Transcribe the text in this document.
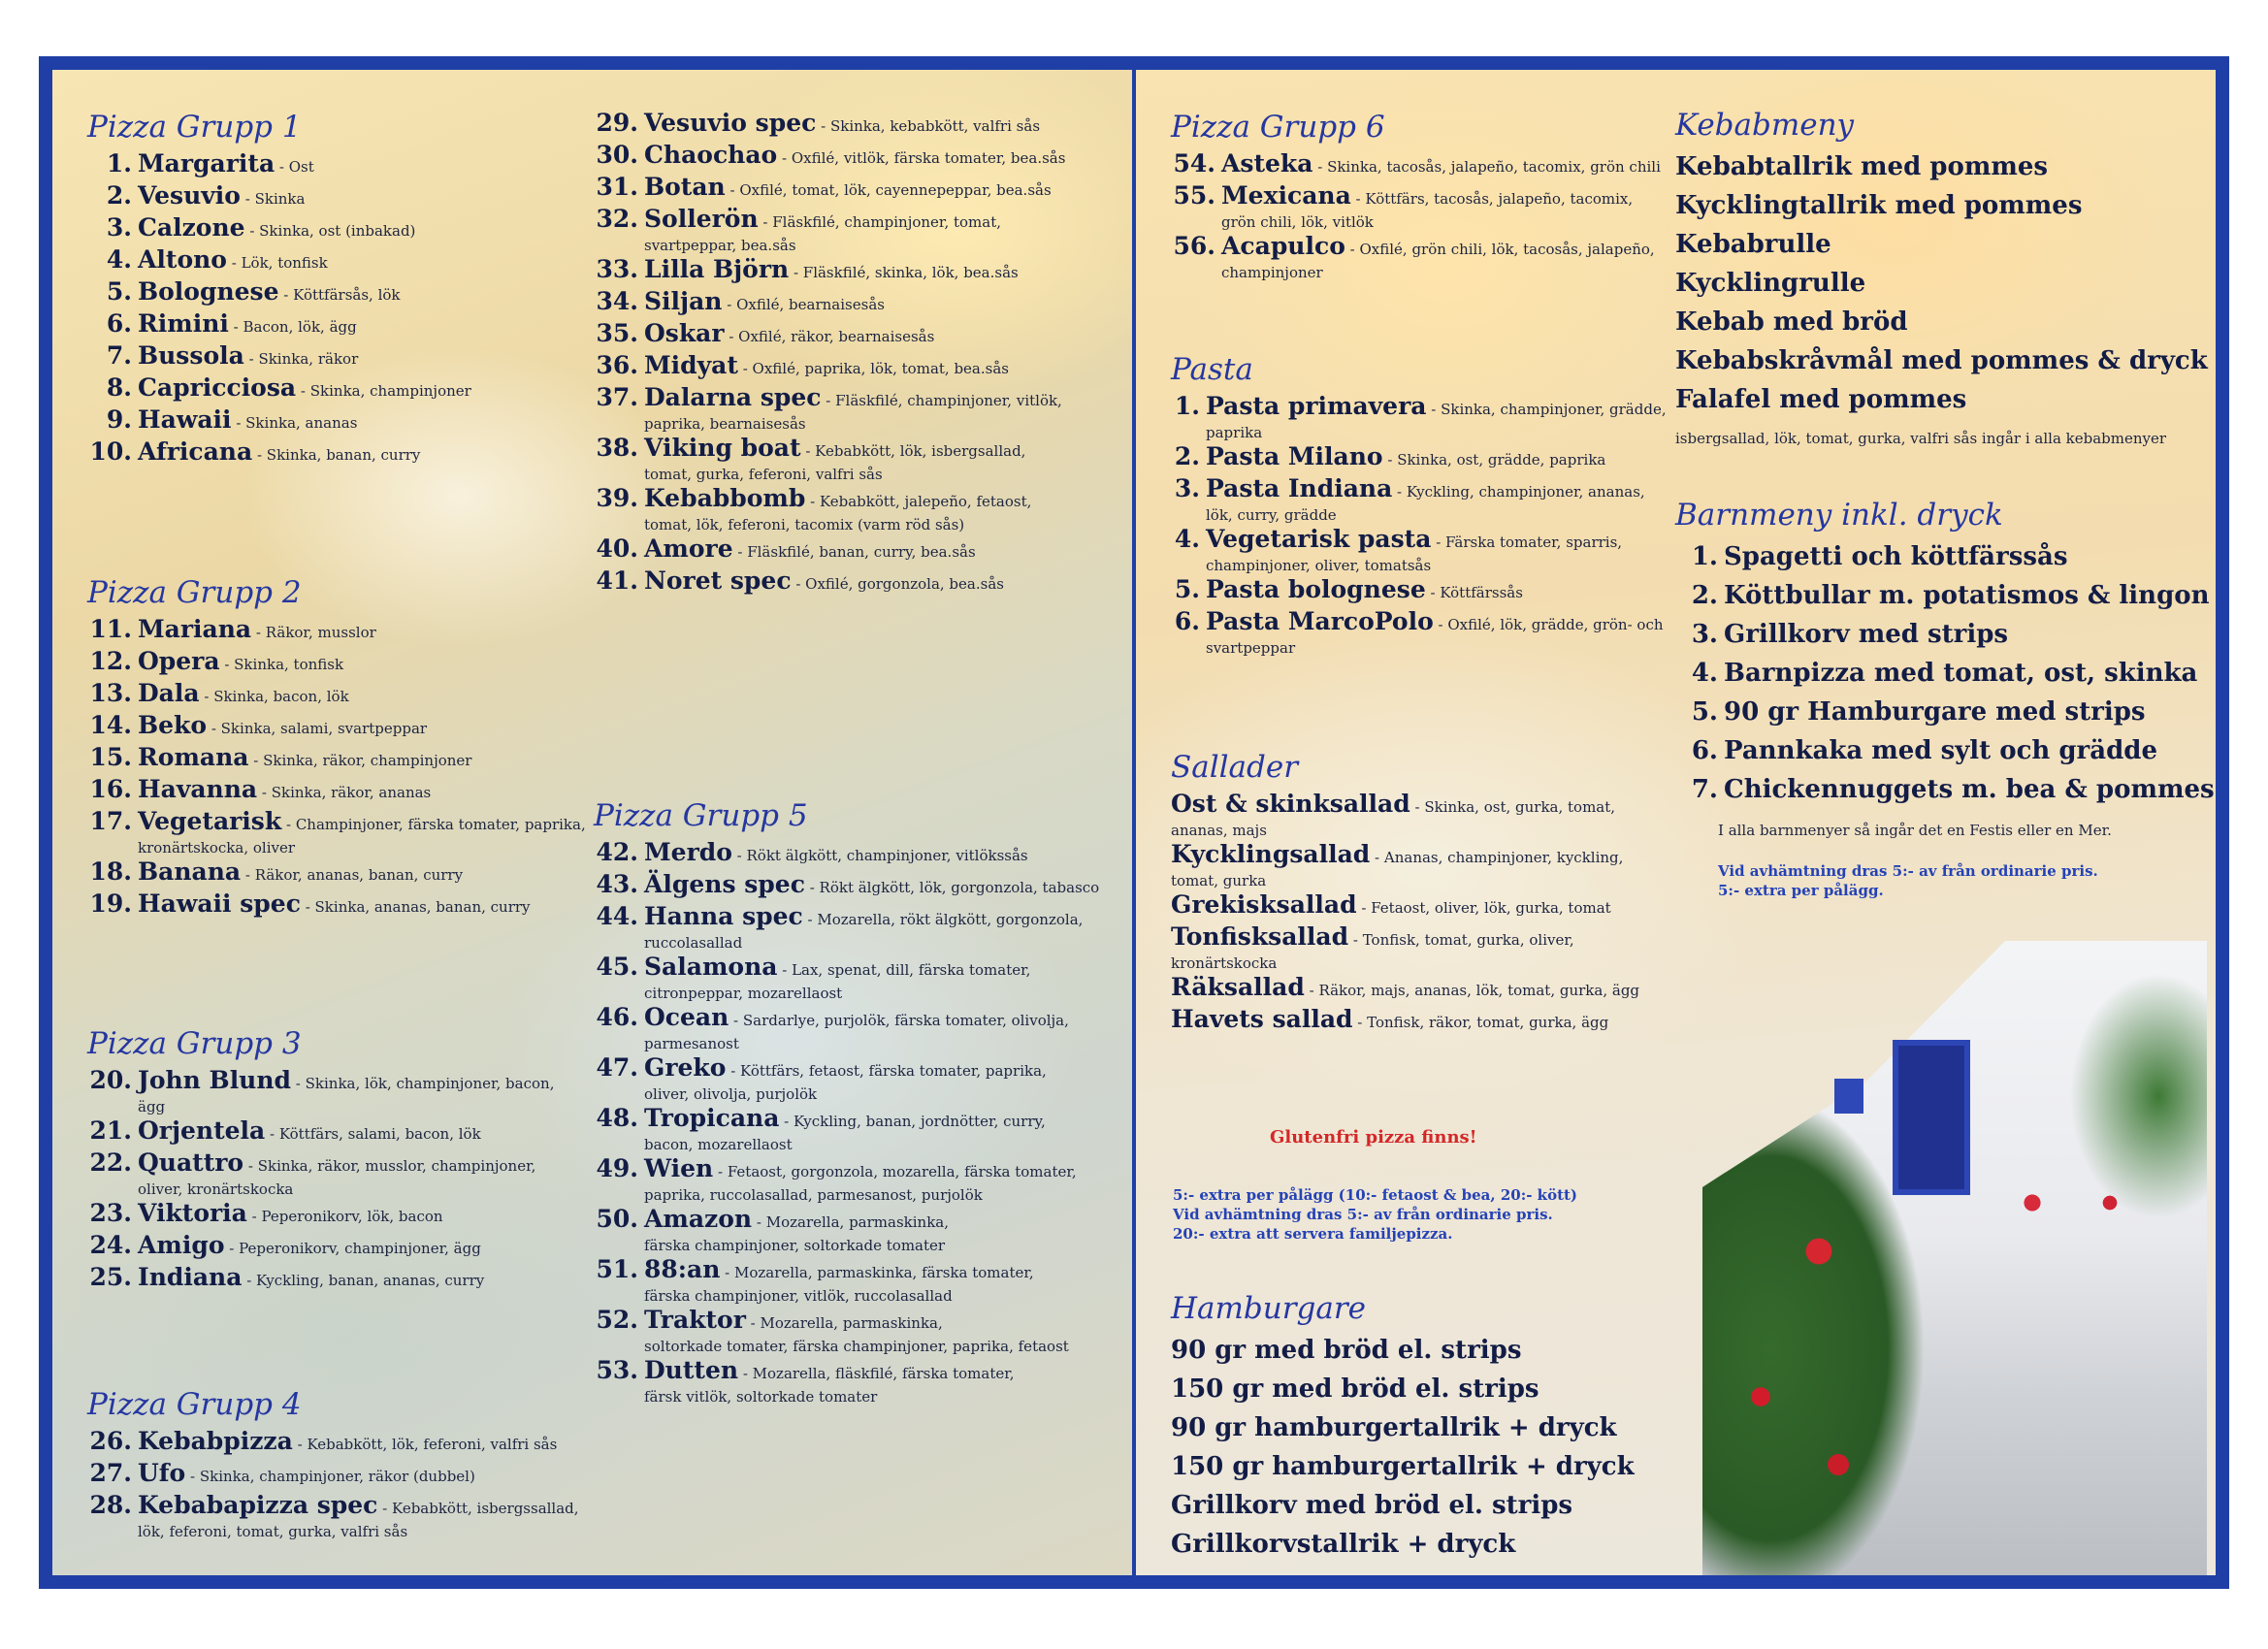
Pizza Grupp 1
1. Margarita - Ost
2. Vesuvio - Skinka
3. Calzone - Skinka, ost (inbakad)
4. Altono - Lök, tonfisk
5. Bolognese - Köttfärsås, lök
6. Rimini - Bacon, lök, ägg
7. Bussola - Skinka, räkor
8. Capricciosa - Skinka, champinjoner
9. Hawaii - Skinka, ananas
10. Africana - Skinka, banan, curry
Pizza Grupp 2
11. Mariana - Räkor, musslor
12. Opera - Skinka, tonfisk
13. Dala - Skinka, bacon, lök
14. Beko - Skinka, salami, svartpeppar
15. Romana - Skinka, räkor, champinjoner
16. Havanna - Skinka, räkor, ananas
17. Vegetarisk - Champinjoner, färska tomater, paprika,
kronärtskocka, oliver
18. Banana - Räkor, ananas, banan, curry
19. Hawaii spec - Skinka, ananas, banan, curry
Pizza Grupp 3
20. John Blund - Skinka, lök, champinjoner, bacon,
ägg
21. Orjentela - Köttfärs, salami, bacon, lök
22. Quattro - Skinka, räkor, musslor, champinjoner,
oliver, kronärtskocka
23. Viktoria - Peperonikorv, lök, bacon
24. Amigo - Peperonikorv, champinjoner, ägg
25. Indiana - Kyckling, banan, ananas, curry
Pizza Grupp 4
26. Kebabpizza - Kebabkött, lök, feferoni, valfri sås
27. Ufo - Skinka, champinjoner, räkor (dubbel)
28. Kebabapizza spec - Kebabkött, isbergssallad,
lök, feferoni, tomat, gurka, valfri sås
29. Vesuvio spec - Skinka, kebabkött, valfri sås
30. Chaochao - Oxfilé, vitlök, färska tomater, bea.sås
31. Botan - Oxfilé, tomat, lök, cayennepeppar, bea.sås
32. Sollerön - Fläskfilé, champinjoner, tomat,
svartpeppar, bea.sås
33. Lilla Björn - Fläskfilé, skinka, lök, bea.sås
34. Siljan - Oxfilé, bearnaisesås
35. Oskar - Oxfilé, räkor, bearnaisesås
36. Midyat - Oxfilé, paprika, lök, tomat, bea.sås
37. Dalarna spec - Fläskfilé, champinjoner, vitlök,
paprika, bearnaisesås
38. Viking boat - Kebabkött, lök, isbergsallad,
tomat, gurka, feferoni, valfri sås
39. Kebabbomb - Kebabkött, jalepeño, fetaost,
tomat, lök, feferoni, tacomix (varm röd sås)
40. Amore - Fläskfilé, banan, curry, bea.sås
41. Noret spec - Oxfilé, gorgonzola, bea.sås
Pizza Grupp 5
42. Merdo - Rökt älgkött, champinjoner, vitlökssås
43. Älgens spec - Rökt älgkött, lök, gorgonzola, tabasco
44. Hanna spec - Mozarella, rökt älgkött, gorgonzola,
ruccolasallad
45. Salamona - Lax, spenat, dill, färska tomater,
citronpeppar, mozarellaost
46. Ocean - Sardarlye, purjolök, färska tomater, olivolja,
parmesanost
47. Greko - Köttfärs, fetaost, färska tomater, paprika,
oliver, olivolja, purjolök
48. Tropicana - Kyckling, banan, jordnötter, curry,
bacon, mozarellaost
49. Wien - Fetaost, gorgonzola, mozarella, färska tomater,
paprika, ruccolasallad, parmesanost, purjolök
50. Amazon - Mozarella, parmaskinka,
färska champinjoner, soltorkade tomater
51. 88:an - Mozarella, parmaskinka, färska tomater,
färska champinjoner, vitlök, ruccolasallad
52. Traktor - Mozarella, parmaskinka,
soltorkade tomater, färska champinjoner, paprika, fetaost
53. Dutten - Mozarella, fläskfilé, färska tomater,
färsk vitlök, soltorkade tomater
Pizza Grupp 6
54. Asteka - Skinka, tacosås, jalapeño, tacomix, grön chili
55. Mexicana - Köttfärs, tacosås, jalapeño, tacomix,
grön chili, lök, vitlök
56. Acapulco - Oxfilé, grön chili, lök, tacosås, jalapeño,
champinjoner
Pasta
1. Pasta primavera - Skinka, champinjoner, grädde,
paprika
2. Pasta Milano - Skinka, ost, grädde, paprika
3. Pasta Indiana - Kyckling, champinjoner, ananas,
lök, curry, grädde
4. Vegetarisk pasta - Färska tomater, sparris,
champinjoner, oliver, tomatsås
5. Pasta bolognese - Köttfärssås
6. Pasta MarcoPolo - Oxfilé, lök, grädde, grön- och
svartpeppar
Sallader
Ost & skinksallad - Skinka, ost, gurka, tomat,
ananas, majs
Kycklingsallad - Ananas, champinjoner, kyckling,
tomat, gurka
Grekisksallad - Fetaost, oliver, lök, gurka, tomat
Tonfisksallad - Tonfisk, tomat, gurka, oliver,
kronärtskocka
Räksallad - Räkor, majs, ananas, lök, tomat, gurka, ägg
Havets sallad - Tonfisk, räkor, tomat, gurka, ägg
Glutenfri pizza finns!
5:- extra per pålägg (10:- fetaost & bea, 20:- kött)
Vid avhämtning dras 5:- av från ordinarie pris.
20:- extra att servera familjepizza.
Hamburgare
90 gr med bröd el. strips
150 gr med bröd el. strips
90 gr hamburgertallrik + dryck
150 gr hamburgertallrik + dryck
Grillkorv med bröd el. strips
Grillkorvstallrik + dryck
Kebabmeny
Kebabtallrik med pommes
Kycklingtallrik med pommes
Kebabrulle
Kycklingrulle
Kebab med bröd
Kebabskråvmål med pommes & dryck
Falafel med pommes
isbergsallad, lök, tomat, gurka, valfri sås ingår i alla kebabmenyer
Barnmeny inkl. dryck
1. Spagetti och köttfärssås
2. Köttbullar m. potatismos & lingon
3. Grillkorv med strips
4. Barnpizza med tomat, ost, skinka
5. 90 gr Hamburgare med strips
6. Pannkaka med sylt och grädde
7. Chickennuggets m. bea & pommes
I alla barnmenyer så ingår det en Festis eller en Mer.
Vid avhämtning dras 5:- av från ordinarie pris.
5:- extra per pålägg.
